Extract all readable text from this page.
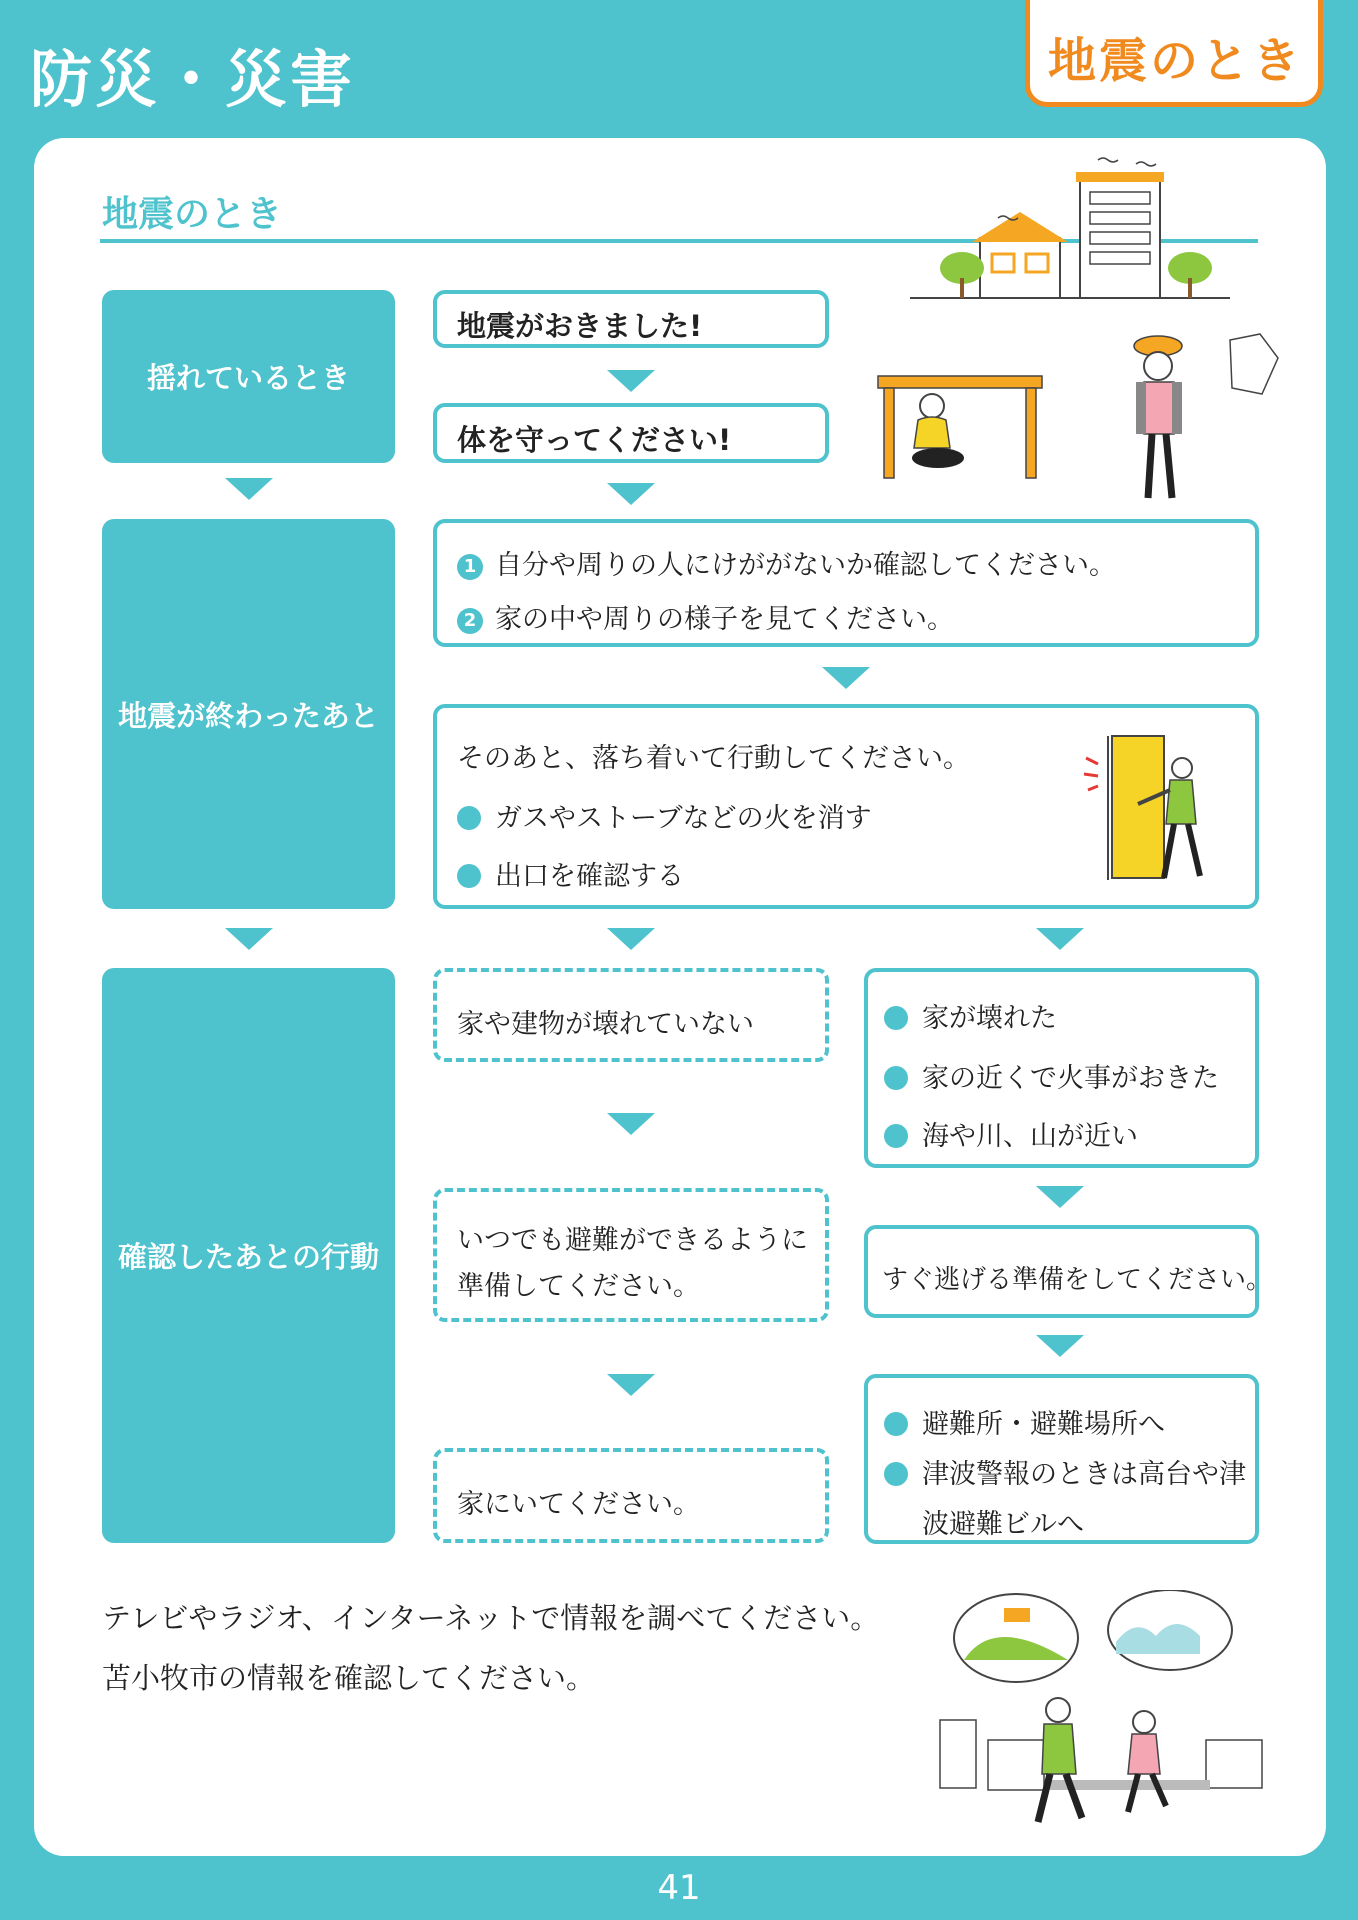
防災・災害	地震のとき
地震のとき
揺れているとき
地震が終わったあと
確認したあとの行動
地震がおきました!
体を守ってください!
1 自分や周りの人にけががないか確認してください。
2 家の中や周りの様子を見てください。
そのあと、落ち着いて行動してください。
ガスやストーブなどの火を消す
出口を確認する
家や建物が壊れていない
いつでも避難ができるように
準備してください。
家にいてください。
家が壊れた
家の近くで火事がおきた
海や川、山が近い
すぐ逃げる準備をしてください。
避難所・避難場所へ
津波警報のときは高台や津
波避難ビルへ
テレビやラジオ、インターネットで情報を調べてください。
苫小牧市の情報を確認してください。
41
